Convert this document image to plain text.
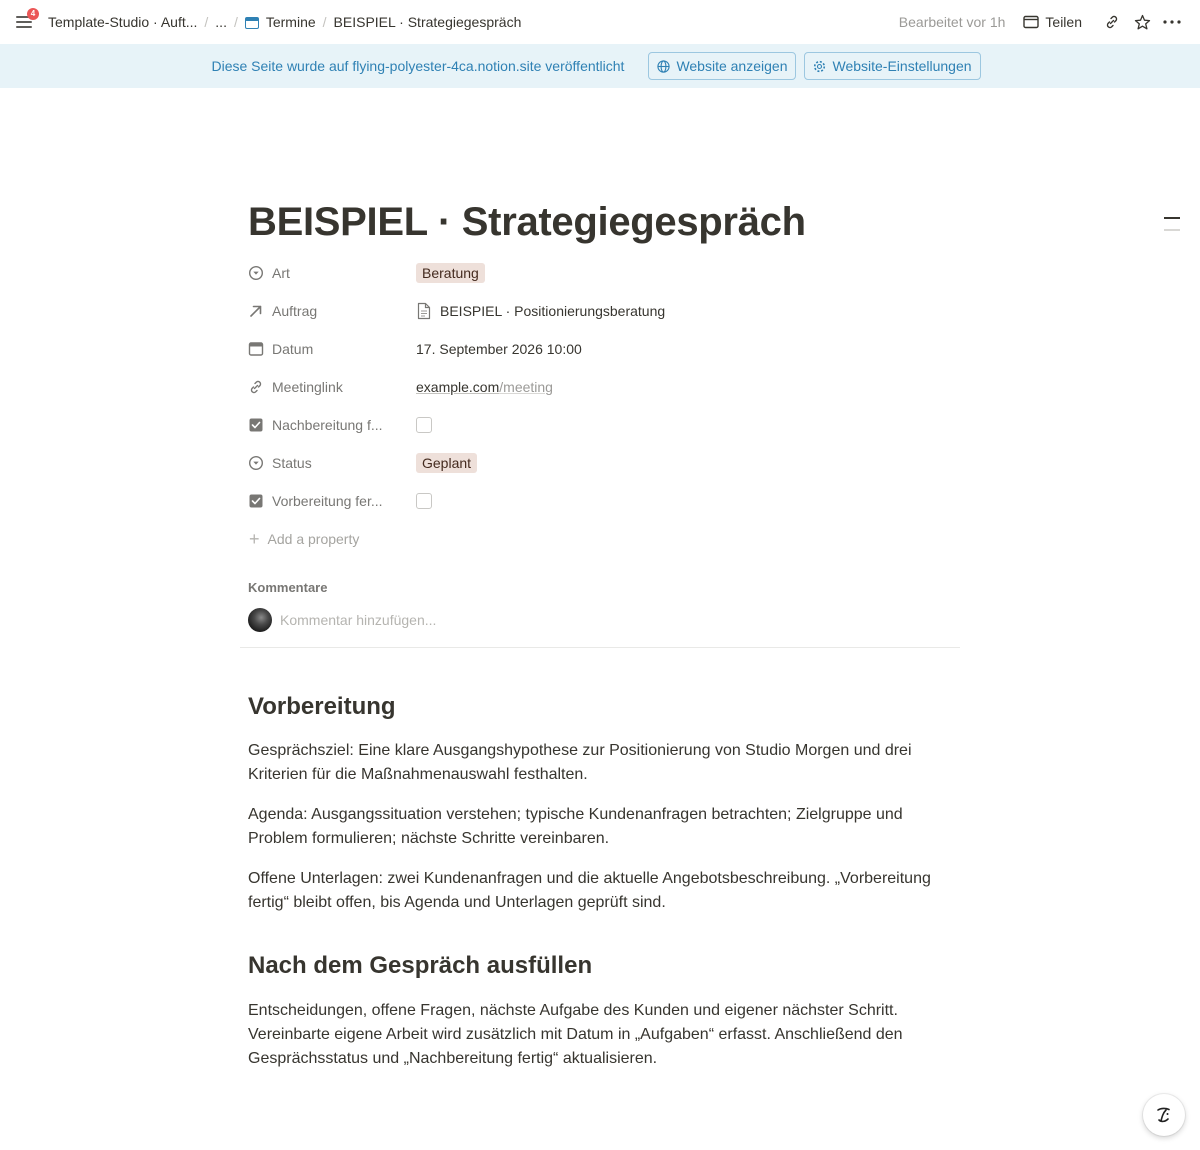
4
Template-Studio · Auft... / ... / Termine / BEISPIEL · Strategiegespräch	Bearbeitet vor 1h	Teilen
Diese Seite wurde auf flying-polyester-4ca.notion.site veröffentlicht	Website anzeigen	Website-Einstellungen
BEISPIEL · Strategiegespräch
Art	Beratung
Auftrag	BEISPIEL · Positionierungsberatung
Datum	17. September 2026 10:00
Meetinglink	example.com /meeting
Nachbereitung f...
Status	Geplant
Vorbereitung fer...
+ Add a property
Kommentare
Kommentar hinzufügen...
Vorbereitung

Gesprächsziel: Eine klare Ausgangshypothese zur Positionierung von Studio Morgen und drei Kriterien für die Maßnahmenauswahl festhalten.

Agenda: Ausgangssituation verstehen; typische Kundenanfragen betrachten; Zielgruppe und Problem formulieren; nächste Schritte vereinbaren.

Offene Unterlagen: zwei Kundenanfragen und die aktuelle Angebotsbeschreibung. „Vorbereitung fertig“ bleibt offen, bis Agenda und Unterlagen geprüft sind.

Nach dem Gespräch ausfüllen

Entscheidungen, offene Fragen, nächste Aufgabe des Kunden und eigener nächster Schritt. Vereinbarte eigene Arbeit wird zusätzlich mit Datum in „Aufgaben“ erfasst. Anschließend den Gesprächsstatus und „Nachbereitung fertig“ aktualisieren.
